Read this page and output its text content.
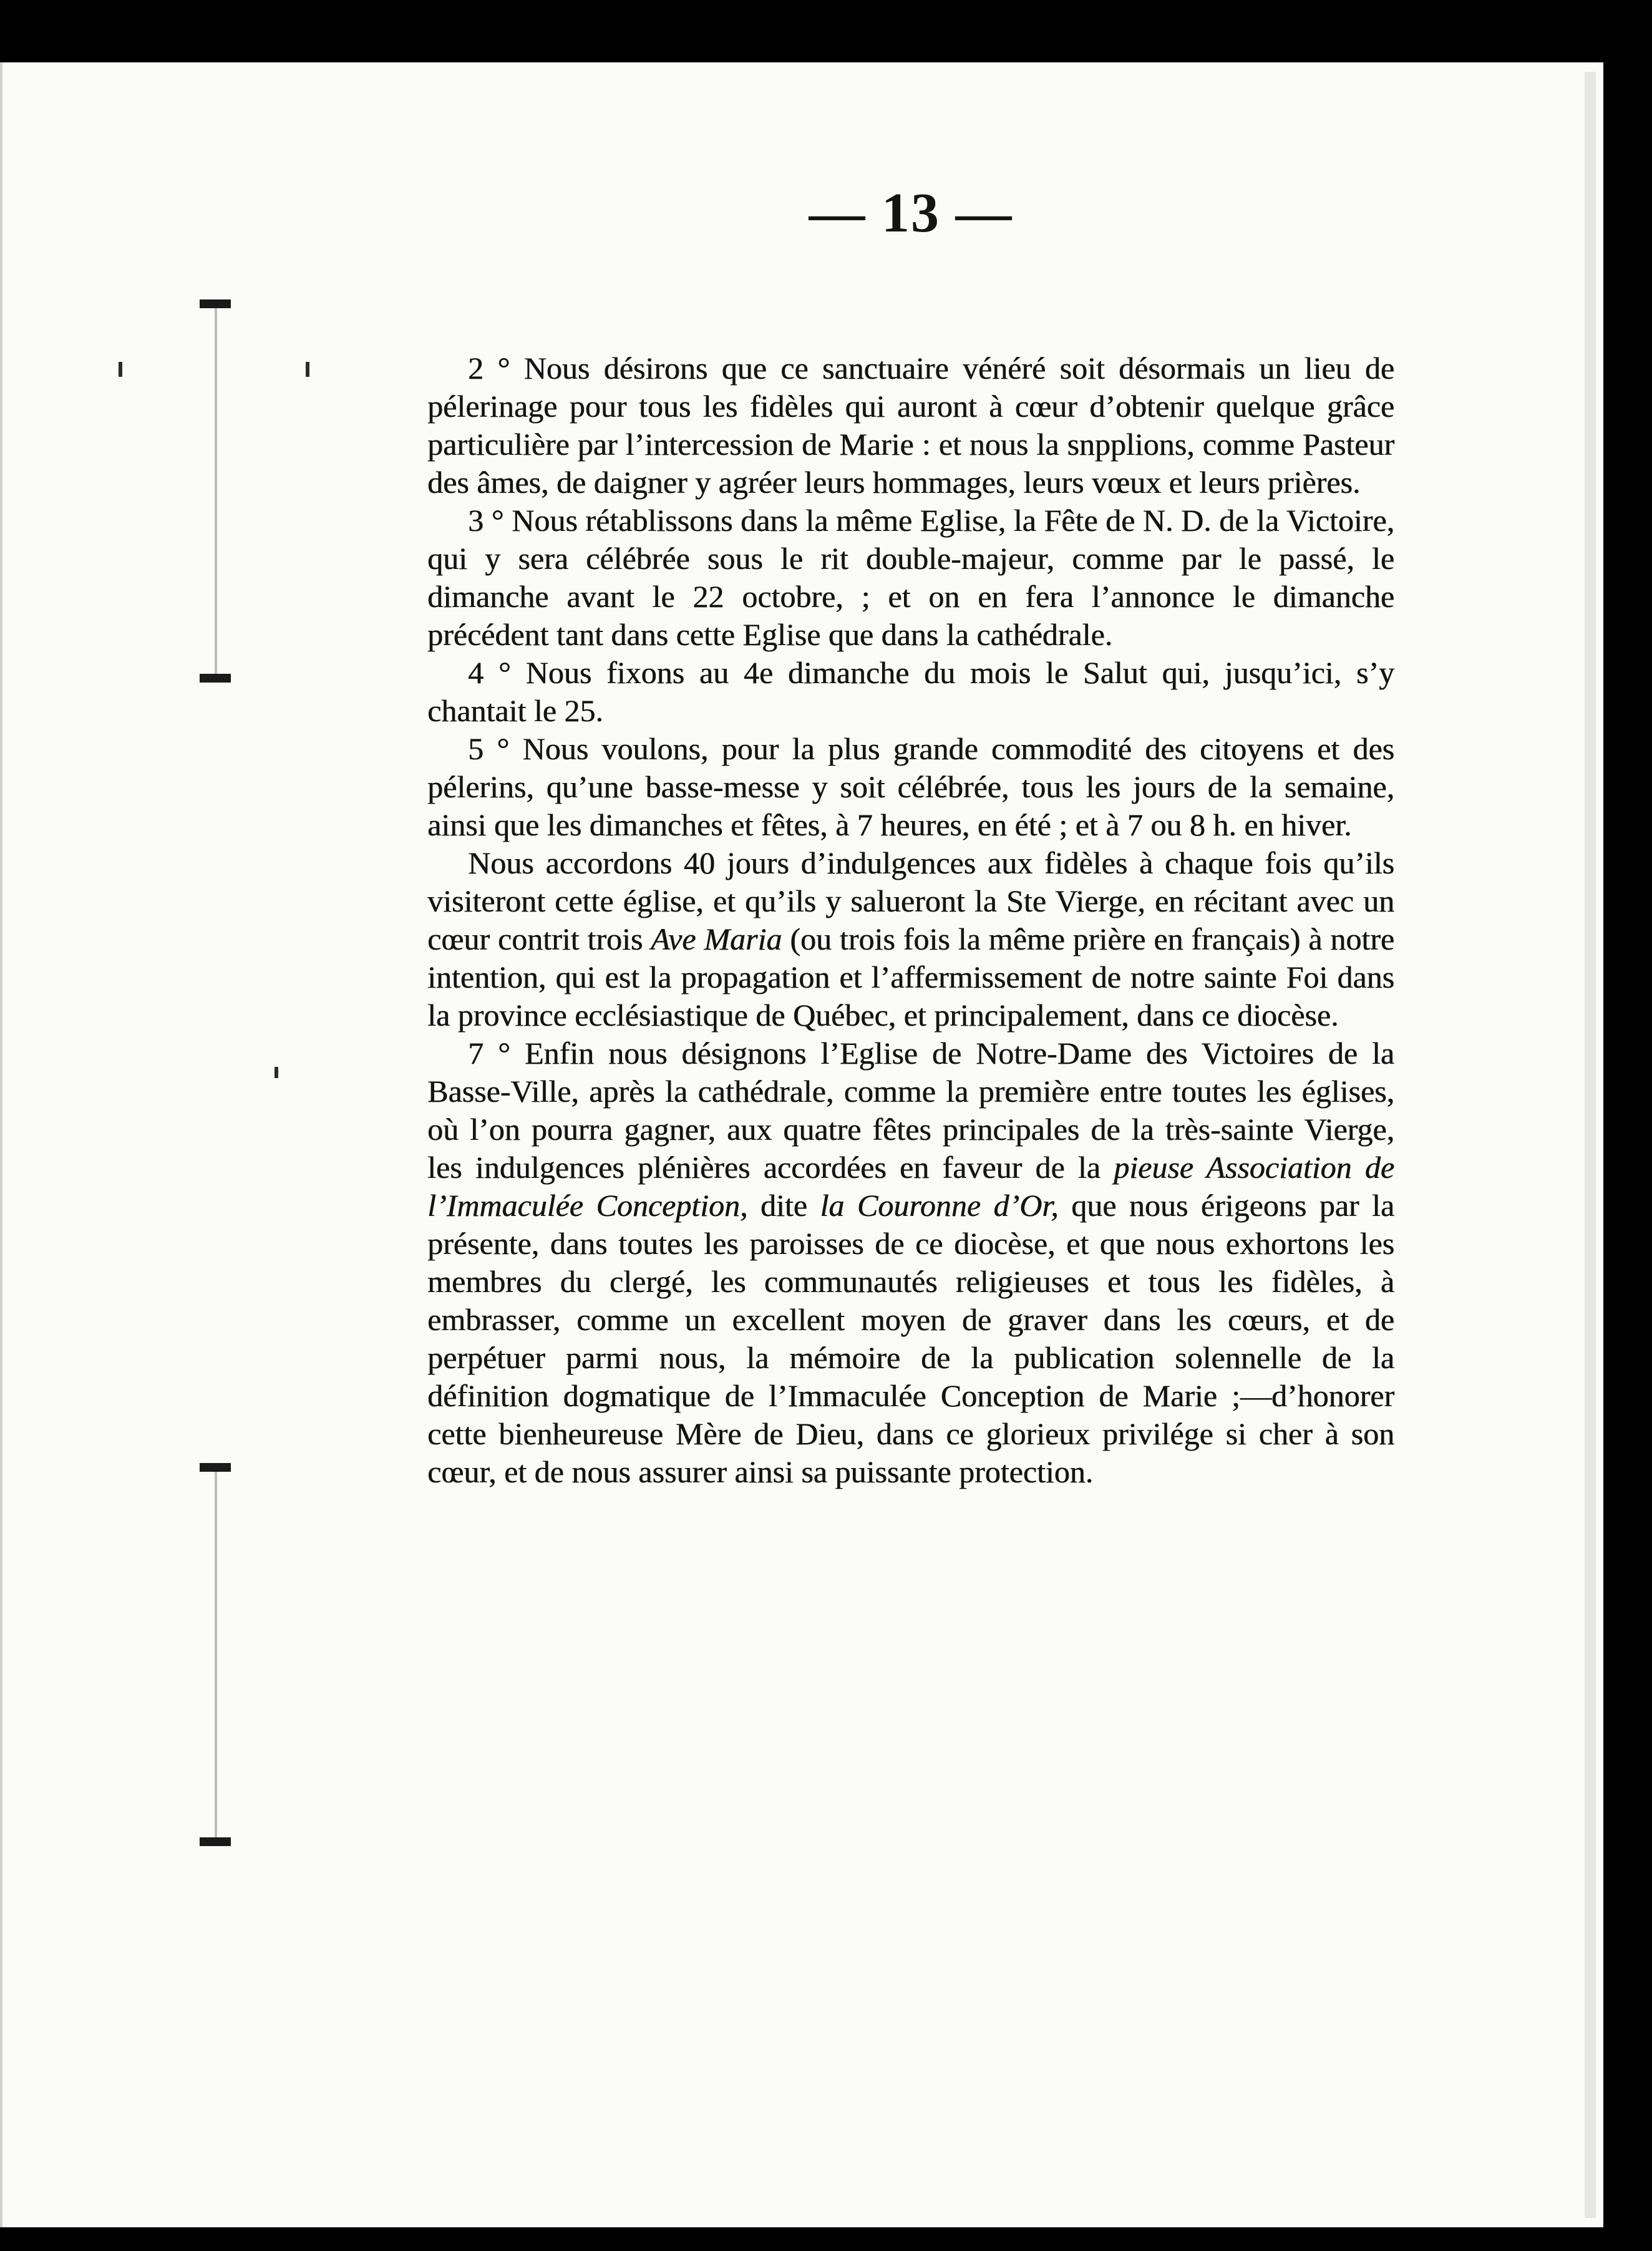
— 13 —

2 ° Nous désirons que ce sanctuaire vénéré soit désormais un lieu de pélerinage pour tous les fidèles qui auront à cœur d’obtenir quelque grâce particulière par l’intercession de Marie : et nous la snpplions, comme Pasteur des âmes, de daigner y agréer leurs hommages, leurs vœux et leurs prières.

3 ° Nous rétablissons dans la même Eglise, la Fête de N. D. de la Victoire, qui y sera célébrée sous le rit double-majeur, comme par le passé, le dimanche avant le 22 octobre, ; et on en fera l’annonce le dimanche précédent tant dans cette Eglise que dans la cathédrale.

4 ° Nous fixons au 4e dimanche du mois le Salut qui, jusqu’ici, s’y chantait le 25.

5 ° Nous voulons, pour la plus grande commodité des citoyens et des pélerins, qu’une basse-messe y soit célébrée, tous les jours de la semaine, ainsi que les dimanches et fêtes, à 7 heures, en été ; et à 7 ou 8 h. en hiver.

Nous accordons 40 jours d’indulgences aux fidèles à chaque fois qu’ils visiteront cette église, et qu’ils y salueront la Ste Vierge, en récitant avec un cœur contrit trois Ave Maria (ou trois fois la même prière en français) à notre intention, qui est la propagation et l’affermissement de notre sainte Foi dans la province ecclésiastique de Québec, et principalement, dans ce diocèse.

7 ° Enfin nous désignons l’Eglise de Notre-Dame des Victoires de la Basse-Ville, après la cathédrale, comme la première entre toutes les églises, où l’on pourra gagner, aux quatre fêtes principales de la très-sainte Vierge, les indulgences plénières accordées en faveur de la pieuse Association de l’Immaculée Conception, dite la Couronne d’Or, que nous érigeons par la présente, dans toutes les paroisses de ce diocèse, et que nous exhortons les membres du clergé, les communautés religieuses et tous les fidèles, à embrasser, comme un excellent moyen de graver dans les cœurs, et de perpétuer parmi nous, la mémoire de la publication solennelle de la définition dogmatique de l’Immaculée Conception de Marie ;—d’honorer cette bienheureuse Mère de Dieu, dans ce glorieux privilége si cher à son cœur, et de nous assurer ainsi sa puissante protection.
